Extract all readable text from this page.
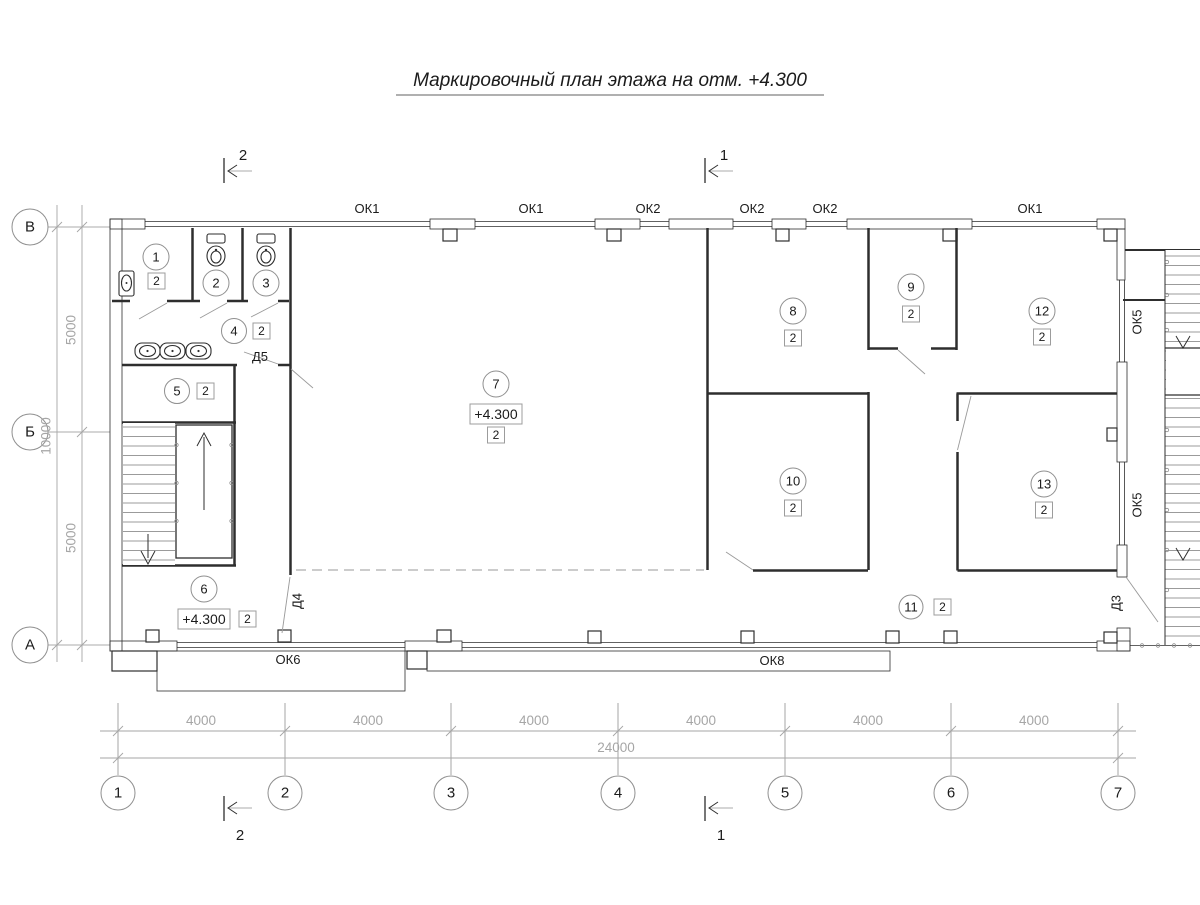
Маркировочный план этажа на отм. +4.300
2	1
2	1
В
Б
А
10000
5000
5000
4000	4000	4000	4000	4000	4000
24000
1	2	3	4	5	6	7
1
2	2	3
4 2
5 2
6
+4.300 2
7
+4.300
2
8
2
9
2
10
2
11 2
12
2
13
2
ОК1	ОК1	ОК2	ОК2	ОК2	ОК1
ОК5
ОК5
ОК6	ОК8
Д5
Д4	Д3
